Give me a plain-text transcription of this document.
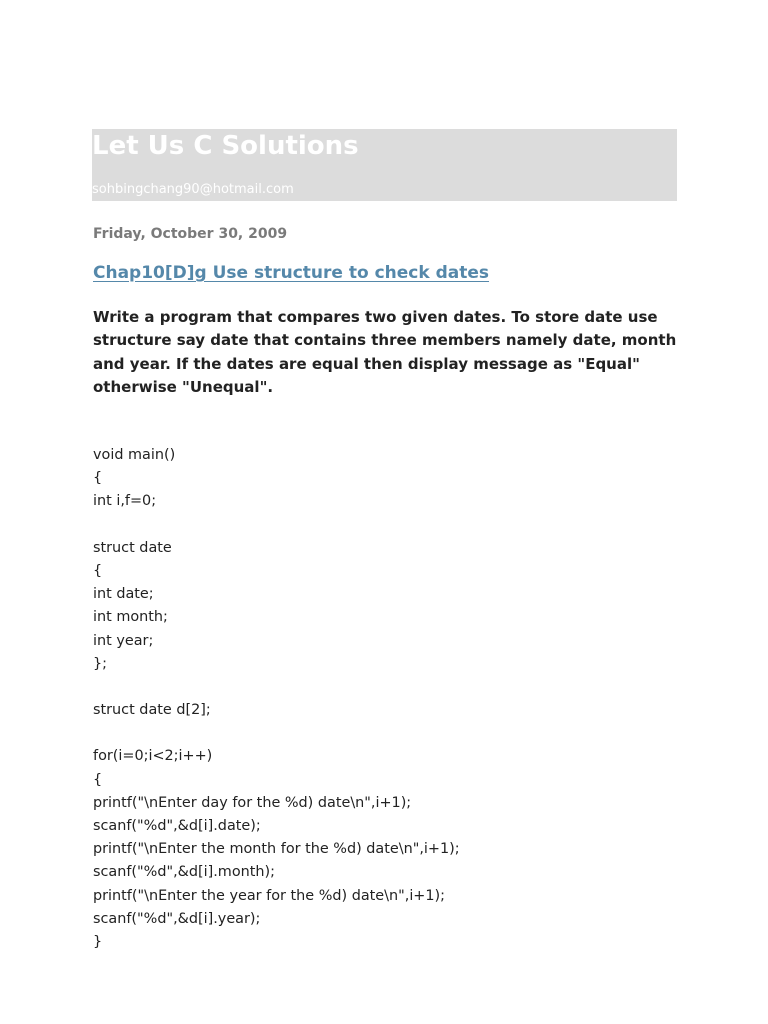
Let Us C Solutions

sohbingchang90@hotmail.com

Friday, October 30, 2009
Chap10[D]g Use structure to check dates

Write a program that compares two given dates. To store date use structure say date that contains three members namely date, month and year. If the dates are equal then display message as "Equal" otherwise "Unequal".

void main()
{
int i,f=0;
struct date
{
int date;
int month;
int year;
};
struct date d[2];
for(i=0;i<2;i++)
{
printf("\nEnter day for the %d) date\n",i+1);
scanf("%d",&d[i].date);
printf("\nEnter the month for the %d) date\n",i+1);
scanf("%d",&d[i].month);
printf("\nEnter the year for the %d) date\n",i+1);
scanf("%d",&d[i].year);
}
